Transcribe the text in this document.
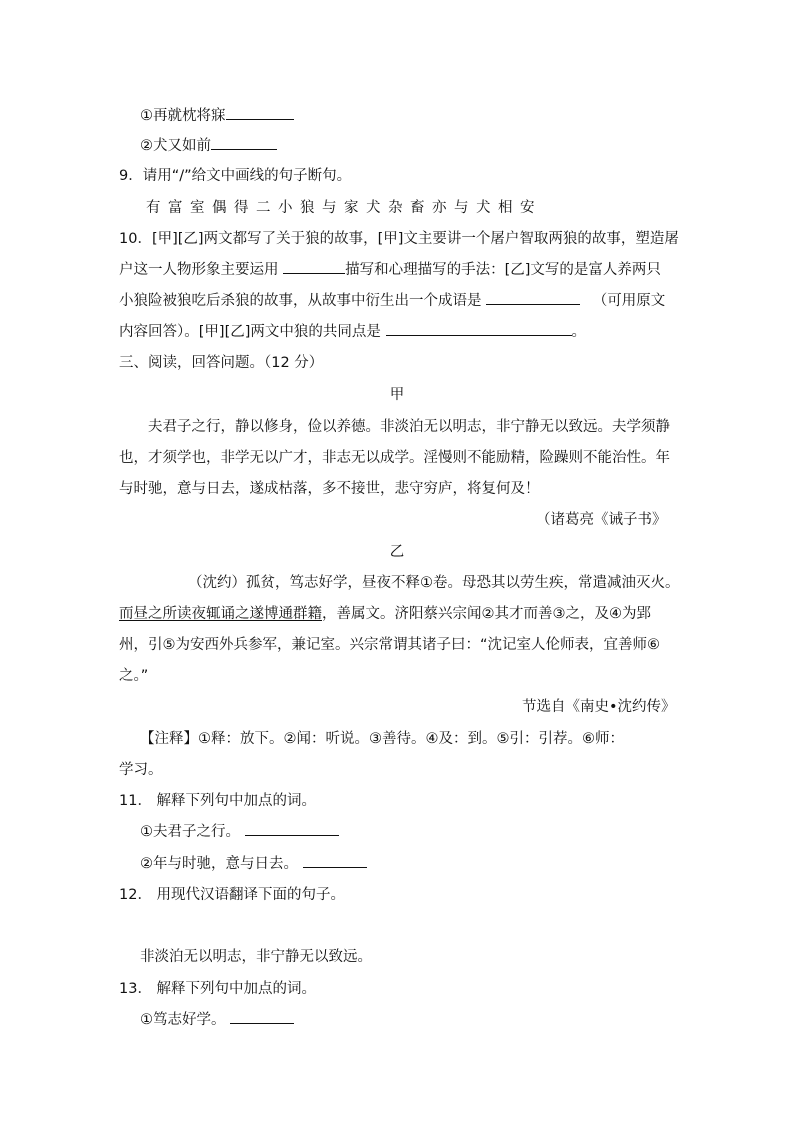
①再就枕将寐
②犬又如前
9．请用“/”给文中画线的句子断句。
有富室偶得二小狼与家犬杂畜亦与犬相安
10．[甲][乙]两文都写了关于狼的故事，[甲]文主要讲一个屠户智取两狼的故事，塑造屠
户这一人物形象主要运用	描写和心理描写的手法：[乙]文写的是富人养两只
小狼险被狼吃后杀狼的故事，从故事中衍生出一个成语是	（可用原文
内容回答）。[甲][乙]两文中狼的共同点是	。
三、阅读，回答问题。（12 分）
甲
夫君子之行，静以修身，俭以养德。非淡泊无以明志，非宁静无以致远。夫学须静
也，才须学也，非学无以广才，非志无以成学。淫慢则不能励精，险躁则不能治性。年
与时驰，意与日去，遂成枯落，多不接世，悲守穷庐，将复何及！
（诸葛亮《诫子书》
乙
（沈约）孤贫，笃志好学，昼夜不释①卷。母恐其以劳生疾，常遣减油灭火。
而昼之所读夜辄诵之遂博通群籍，善属文。济阳蔡兴宗闻②其才而善③之，及④为郢
州，引⑤为安西外兵参军，兼记室。兴宗常谓其诸子曰：“沈记室人伦师表，宜善师⑥
之。”
节选自《南史•沈约传》
【注释】①释：放下。②闻：听说。③善待。④及：到。⑤引：引荐。⑥师：
学习。
11． 解释下列句中加点的词。
①夫君子之行。
②年与时驰，意与日去。
12． 用现代汉语翻译下面的句子。
非淡泊无以明志，非宁静无以致远。
13． 解释下列句中加点的词。
①笃志好学。
